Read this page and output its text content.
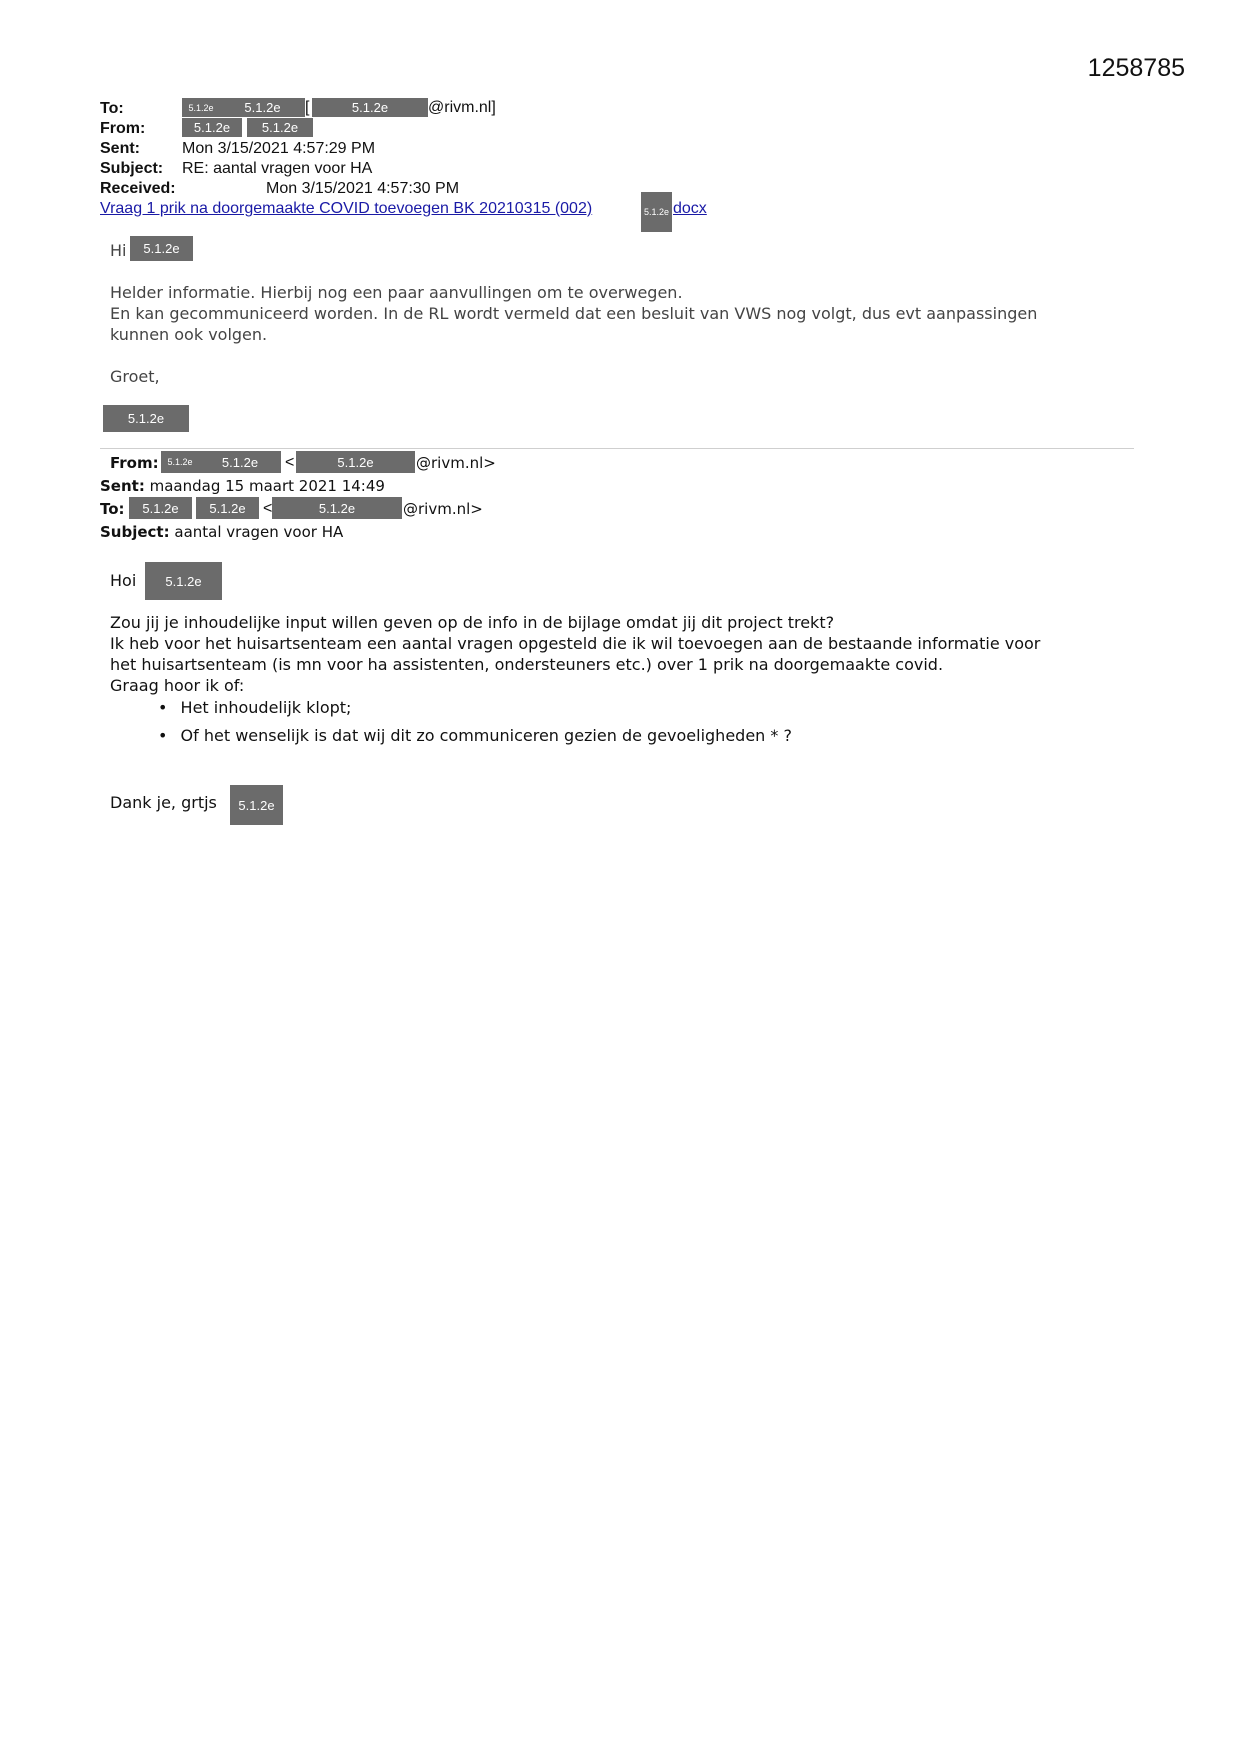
1258785
To:	5.1.2e	5.1.2e	[	5.1.2e	@rivm.nl]
From:	5.1.2e	5.1.2e
Sent:	Mon 3/15/2021 4:57:29 PM
Subject: RE: aantal vragen voor HA
Received:	Mon 3/15/2021 4:57:30 PM
Vraag 1 prik na doorgemaakte COVID toevoegen BK 20210315 (002)	5.1.2e docx
Hi	5.1.2e
Helder informatie. Hierbij nog een paar aanvullingen om te overwegen.
En kan gecommuniceerd worden. In de RL wordt vermeld dat een besluit van VWS nog volgt, dus evt aanpassingen
kunnen ook volgen.
Groet,
5.1.2e
From: 5.1.2e	5.1.2e	<	5.1.2e	@rivm.nl>
Sent: maandag 15 maart 2021 14:49
To:	5.1.2e	5.1.2e	<	5.1.2e	@rivm.nl>
Subject: aantal vragen voor HA
Hoi	5.1.2e
Zou jij je inhoudelijke input willen geven op de info in de bijlage omdat jij dit project trekt?
Ik heb voor het huisartsenteam een aantal vragen opgesteld die ik wil toevoegen aan de bestaande informatie voor
het huisartsenteam (is mn voor ha assistenten, ondersteuners etc.) over 1 prik na doorgemaakte covid.
Graag hoor ik of:
• Het inhoudelijk klopt;
• Of het wenselijk is dat wij dit zo communiceren gezien de gevoeligheden * ?
Dank je, grtjs	5.1.2e
